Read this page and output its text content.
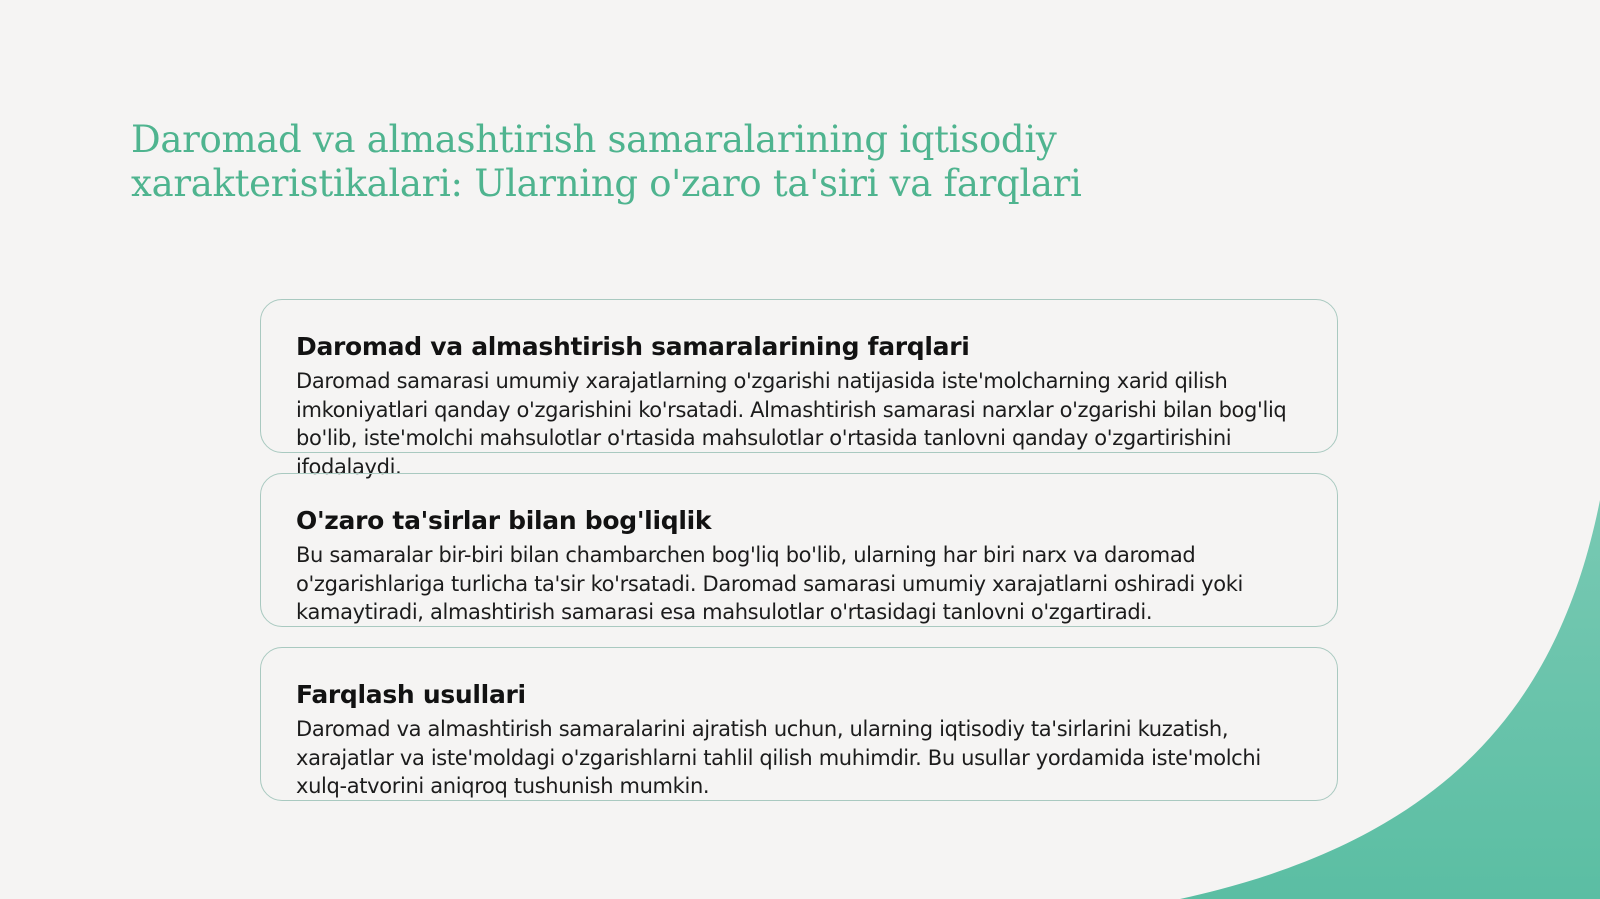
Daromad va almashtirish samaralarining iqtisodiy xarakteristikalari: Ularning o'zaro ta'siri va farqlari
Daromad va almashtirish samaralarining farqlari

Daromad samarasi umumiy xarajatlarning o'zgarishi natijasida iste'molcharning xarid qilish imkoniyatlari qanday o'zgarishini ko'rsatadi. Almashtirish samarasi narxlar o'zgarishi bilan bog'liq bo'lib, iste'molchi mahsulotlar o'rtasida mahsulotlar o'rtasida tanlovni qanday o'zgartirishini ifodalaydi.

O'zaro ta'sirlar bilan bog'liqlik

Bu samaralar bir-biri bilan chambarchen bog'liq bo'lib, ularning har biri narx va daromad o'zgarishlariga turlicha ta'sir ko'rsatadi. Daromad samarasi umumiy xarajatlarni oshiradi yoki kamaytiradi, almashtirish samarasi esa mahsulotlar o'rtasidagi tanlovni o'zgartiradi.

Farqlash usullari

Daromad va almashtirish samaralarini ajratish uchun, ularning iqtisodiy ta'sirlarini kuzatish, xarajatlar va iste'moldagi o'zgarishlarni tahlil qilish muhimdir. Bu usullar yordamida iste'molchi xulq-atvorini aniqroq tushunish mumkin.
